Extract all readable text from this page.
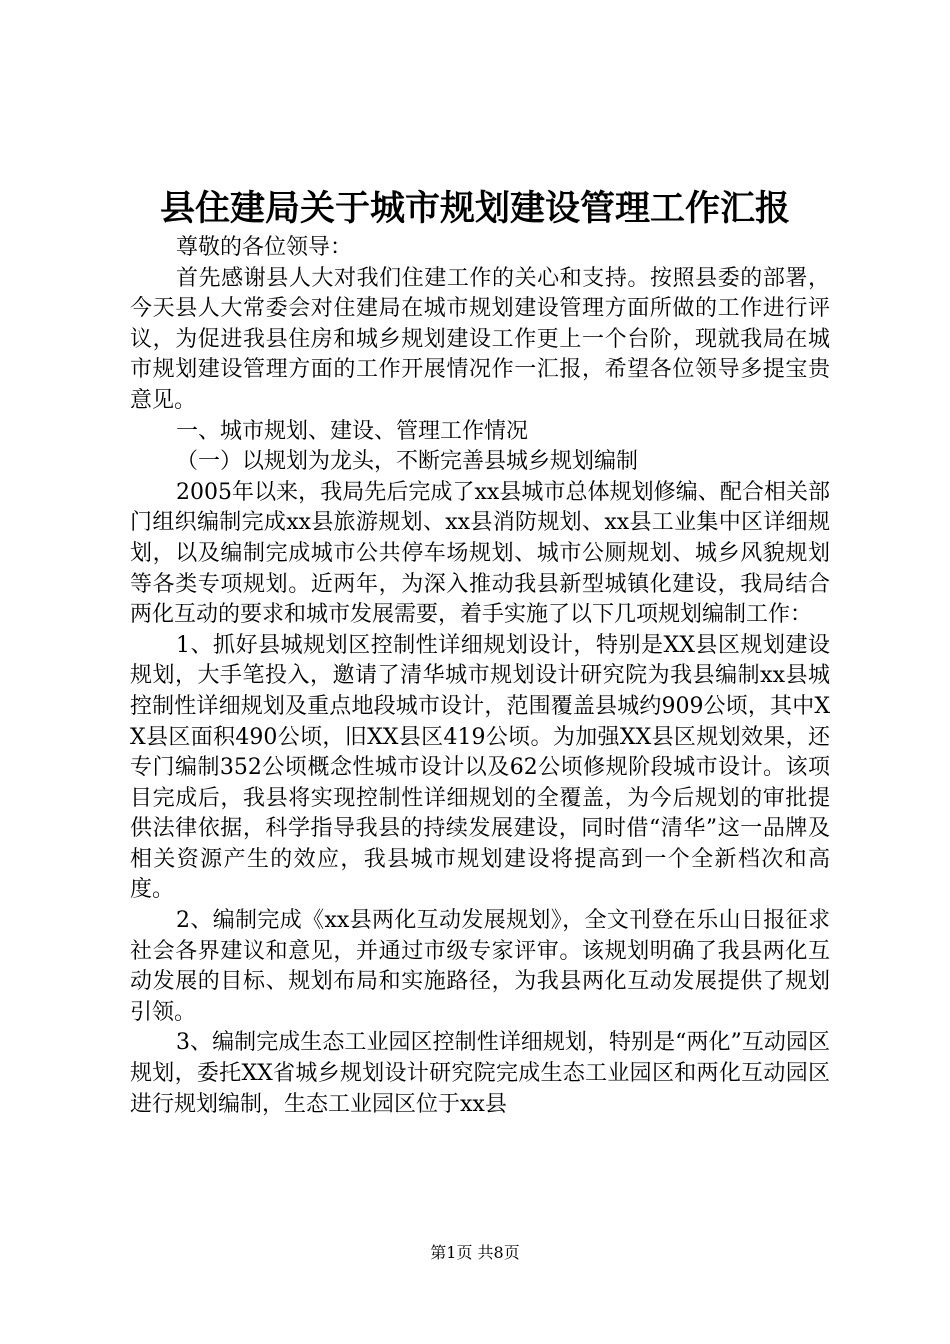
县住建局关于城市规划建设管理工作汇报

尊敬的各位领导：

首先感谢县人大对我们住建工作的关心和支持。按照县委的部署，今天县人大常委会对住建局在城市规划建设管理方面所做的工作进行评议，为促进我县住房和城乡规划建设工作更上一个台阶，现就我局在城市规划建设管理方面的工作开展情况作一汇报，希望各位领导多提宝贵意见。

一、城市规划、建设、管理工作情况

（一）以规划为龙头，不断完善县城乡规划编制

2005年以来，我局先后完成了xx县城市总体规划修编、配合相关部门组织编制完成xx县旅游规划、xx县消防规划、xx县工业集中区详细规划，以及编制完成城市公共停车场规划、城市公厕规划、城乡风貌规划等各类专项规划。近两年，为深入推动我县新型城镇化建设，我局结合两化互动的要求和城市发展需要，着手实施了以下几项规划编制工作：

1、抓好县城规划区控制性详细规划设计，特别是XX县区规划建设规划，大手笔投入，邀请了清华城市规划设计研究院为我县编制xx县城控制性详细规划及重点地段城市设计，范围覆盖县城约909公顷，其中XX县区面积490公顷，旧XX县区419公顷。为加强XX县区规划效果，还专门编制352公顷概念性城市设计以及62公顷修规阶段城市设计。该项目完成后，我县将实现控制性详细规划的全覆盖，为今后规划的审批提供法律依据，科学指导我县的持续发展建设，同时借“清华”这一品牌及相关资源产生的效应，我县城市规划建设将提高到一个全新档次和高度。

2、编制完成《xx县两化互动发展规划》，全文刊登在乐山日报征求社会各界建议和意见，并通过市级专家评审。该规划明确了我县两化互动发展的目标、规划布局和实施路径，为我县两化互动发展提供了规划引领。

3、编制完成生态工业园区控制性详细规划，特别是“两化”互动园区规划，委托XX省城乡规划设计研究院完成生态工业园区和两化互动园区进行规划编制，生态工业园区位于xx县

第1页 共8页
